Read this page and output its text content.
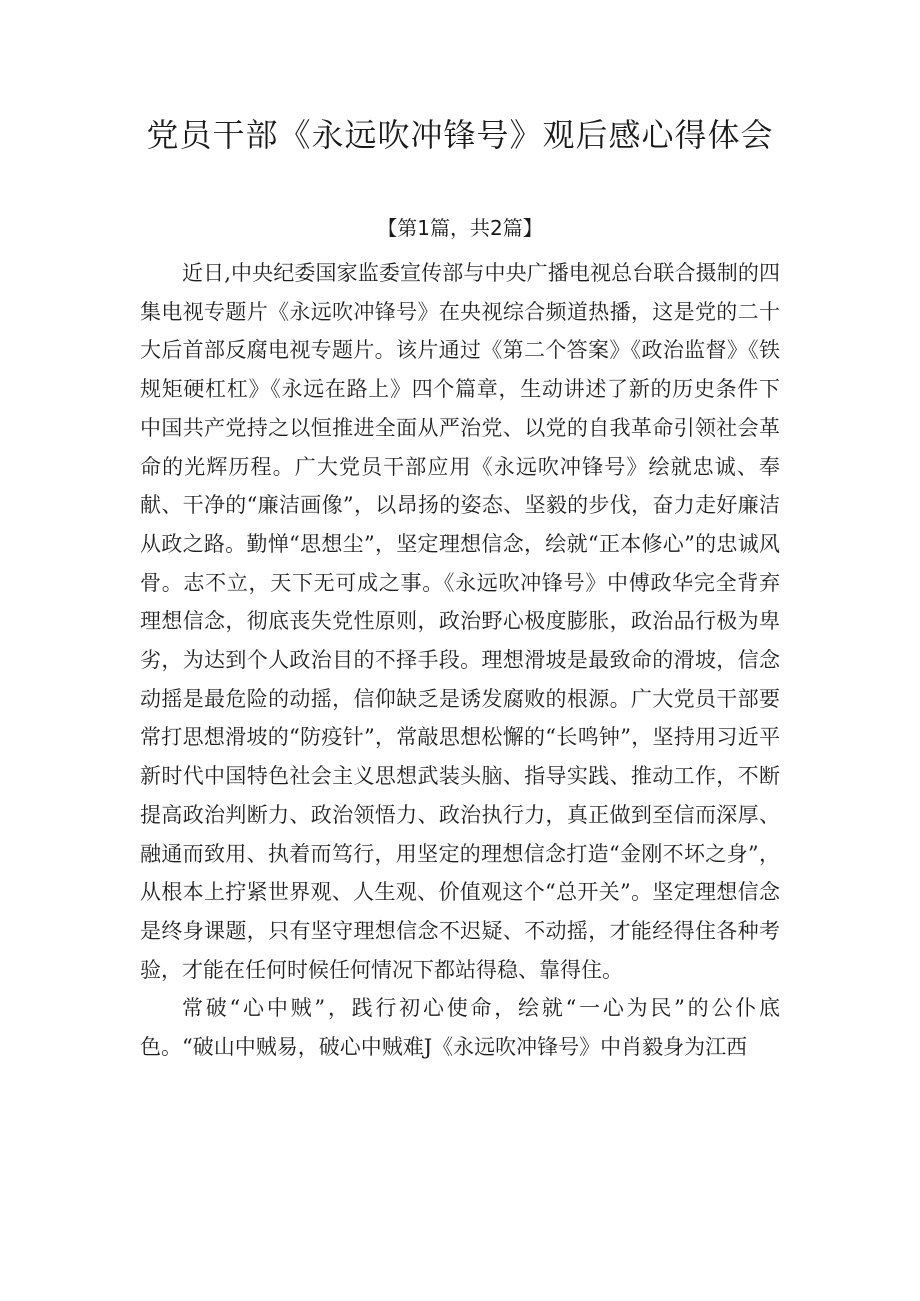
党员干部《永远吹冲锋号》观后感心得体会
【第1篇，共2篇】

近日,中央纪委国家监委宣传部与中央广播电视总台联合摄制的四集电视专题片《永远吹冲锋号》在央视综合频道热播，这是党的二十大后首部反腐电视专题片。该片通过《第二个答案》《政治监督》《铁规矩硬杠杠》《永远在路上》四个篇章，生动讲述了新的历史条件下中国共产党持之以恒推进全面从严治党、以党的自我革命引领社会革命的光辉历程。广大党员干部应用《永远吹冲锋号》绘就忠诚、奉献、干净的“廉洁画像”，以昂扬的姿态、坚毅的步伐，奋力走好廉洁从政之路。勤惮“思想尘”，坚定理想信念，绘就“正本修心”的忠诚风骨。志不立，天下无可成之事。《永远吹冲锋号》中傅政华完全背弃理想信念，彻底丧失党性原则，政治野心极度膨胀，政治品行极为卑劣，为达到个人政治目的不择手段。理想滑坡是最致命的滑坡，信念动摇是最危险的动摇，信仰缺乏是诱发腐败的根源。广大党员干部要常打思想滑坡的“防疫针”，常敲思想松懈的“长鸣钟”，坚持用习近平新时代中国特色社会主义思想武装头脑、指导实践、推动工作，不断提高政治判断力、政治领悟力、政治执行力，真正做到至信而深厚、融通而致用、执着而笃行，用坚定的理想信念打造“金刚不坏之身”，从根本上拧紧世界观、人生观、价值观这个“总开关”。坚定理想信念是终身课题，只有坚守理想信念不迟疑、不动摇，才能经得住各种考验，才能在任何时候任何情况下都站得稳、靠得住。

常破“心中贼”，践行初心使命，绘就“一心为民”的公仆底色。“破山中贼易，破心中贼难J《永远吹冲锋号》中肖毅身为江西
